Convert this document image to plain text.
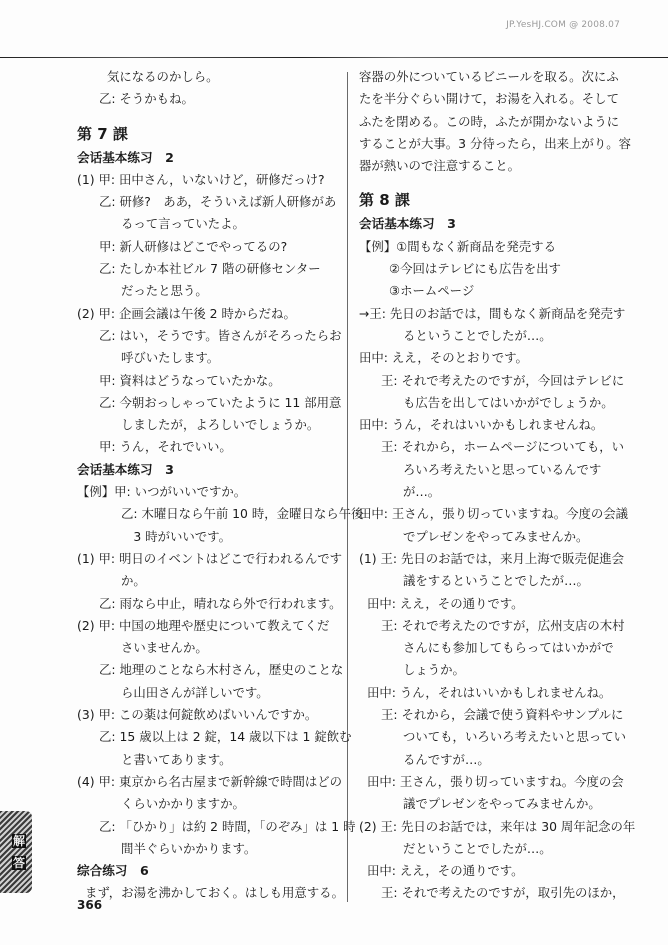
JP.YesHJ.COM @ 2008.07
気になるのかしら。
乙: そうかもね。
第 7 課
会话基本练习　2
(1) 甲: 田中さん，いないけど，研修だっけ?
乙: 研修?　ああ，そういえば新人研修があ
るって言っていたよ。
甲: 新人研修はどこでやってるの?
乙: たしか本社ビル 7 階の研修センター
だったと思う。
(2) 甲: 企画会議は午後 2 時からだね。
乙: はい，そうです。皆さんがそろったらお
呼びいたします。
甲: 資料はどうなっていたかな。
乙: 今朝おっしゃっていたように 11 部用意
しましたが，よろしいでしょうか。
甲: うん，それでいい。
会话基本练习　3
【例】甲: いつがいいですか。
乙: 木曜日なら午前 10 時，金曜日なら午後
　3 時がいいです。
(1) 甲: 明日のイベントはどこで行われるんです
か。
乙: 雨なら中止，晴れなら外で行われます。
(2) 甲: 中国の地理や歴史について教えてくだ
さいませんか。
乙: 地理のことなら木村さん，歴史のことな
ら山田さんが詳しいです。
(3) 甲: この薬は何錠飲めばいいんですか。
乙: 15 歳以上は 2 錠，14 歳以下は 1 錠飲む
と書いてあります。
(4) 甲: 東京から名古屋まで新幹線で時間はどの
くらいかかりますか。
乙: 「ひかり」は約 2 時間，「のぞみ」は 1 時
間半ぐらいかかります。
综合练习　6
まず，お湯を沸かしておく。はしも用意する。
容器の外についているビニールを取る。次にふ
たを半分ぐらい開けて，お湯を入れる。そして
ふたを閉める。この時，ふたが開かないように
することが大事。3 分待ったら，出来上がり。容
器が熱いので注意すること。
第 8 課
会话基本练习　3
【例】①間もなく新商品を発売する
②今回はテレビにも広告を出す
③ホームページ
→王: 先日のお話では，間もなく新商品を発売す
るということでしたが…。
田中: ええ，そのとおりです。
王: それで考えたのですが，今回はテレビに
も広告を出してはいかがでしょうか。
田中: うん，それはいいかもしれませんね。
王: それから，ホームページについても，い
ろいろ考えたいと思っているんです
が…。
田中: 王さん，張り切っていますね。今度の会議
でプレゼンをやってみませんか。
(1) 王: 先日のお話では，来月上海で販売促進会
議をするということでしたが…。
田中: ええ，その通りです。
王: それで考えたのですが，広州支店の木村
さんにも参加してもらってはいかがで
しょうか。
田中: うん，それはいいかもしれませんね。
王: それから，会議で使う資料やサンプルに
ついても，いろいろ考えたいと思ってい
るんですが…。
田中: 王さん，張り切っていますね。今度の会
議でプレゼンをやってみませんか。
(2) 王: 先日のお話では，来年は 30 周年記念の年
だということでしたが…。
田中: ええ，その通りです。
王: それで考えたのですが，取引先のほか，
解
答
366
